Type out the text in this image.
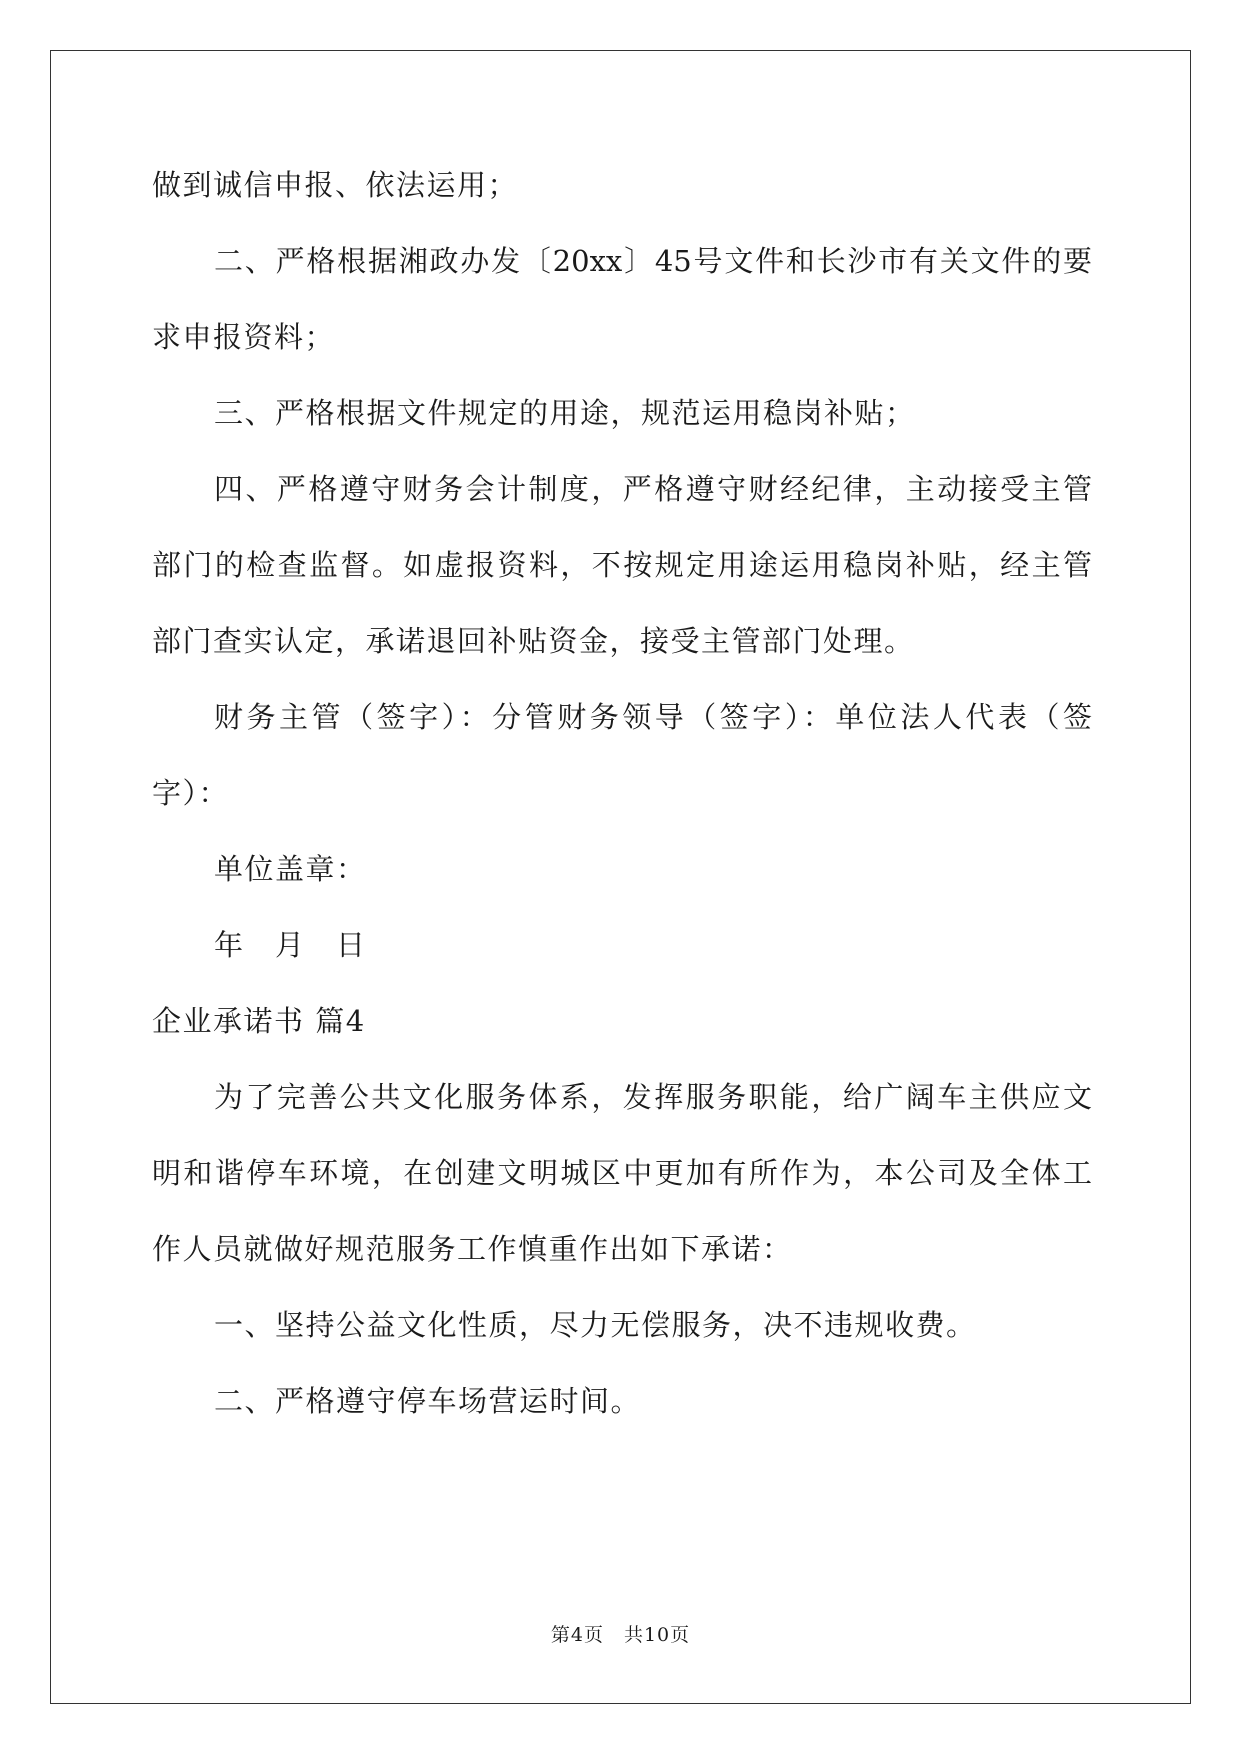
做到诚信申报、依法运用；
二、严格根据湘政办发〔20xx〕45号文件和长沙市有关文件的要
求申报资料；
三、严格根据文件规定的用途，规范运用稳岗补贴；
四、严格遵守财务会计制度，严格遵守财经纪律，主动接受主管
部门的检查监督。如虚报资料，不按规定用途运用稳岗补贴，经主管
部门查实认定，承诺退回补贴资金，接受主管部门处理。
财务主管（签字）：分管财务领导（签字）：单位法人代表（签
字）：
单位盖章：
年　月　日
企业承诺书 篇4
为了完善公共文化服务体系，发挥服务职能，给广阔车主供应文
明和谐停车环境，在创建文明城区中更加有所作为，本公司及全体工
作人员就做好规范服务工作慎重作出如下承诺：
一、坚持公益文化性质，尽力无偿服务，决不违规收费。
二、严格遵守停车场营运时间。
第4页　共10页
